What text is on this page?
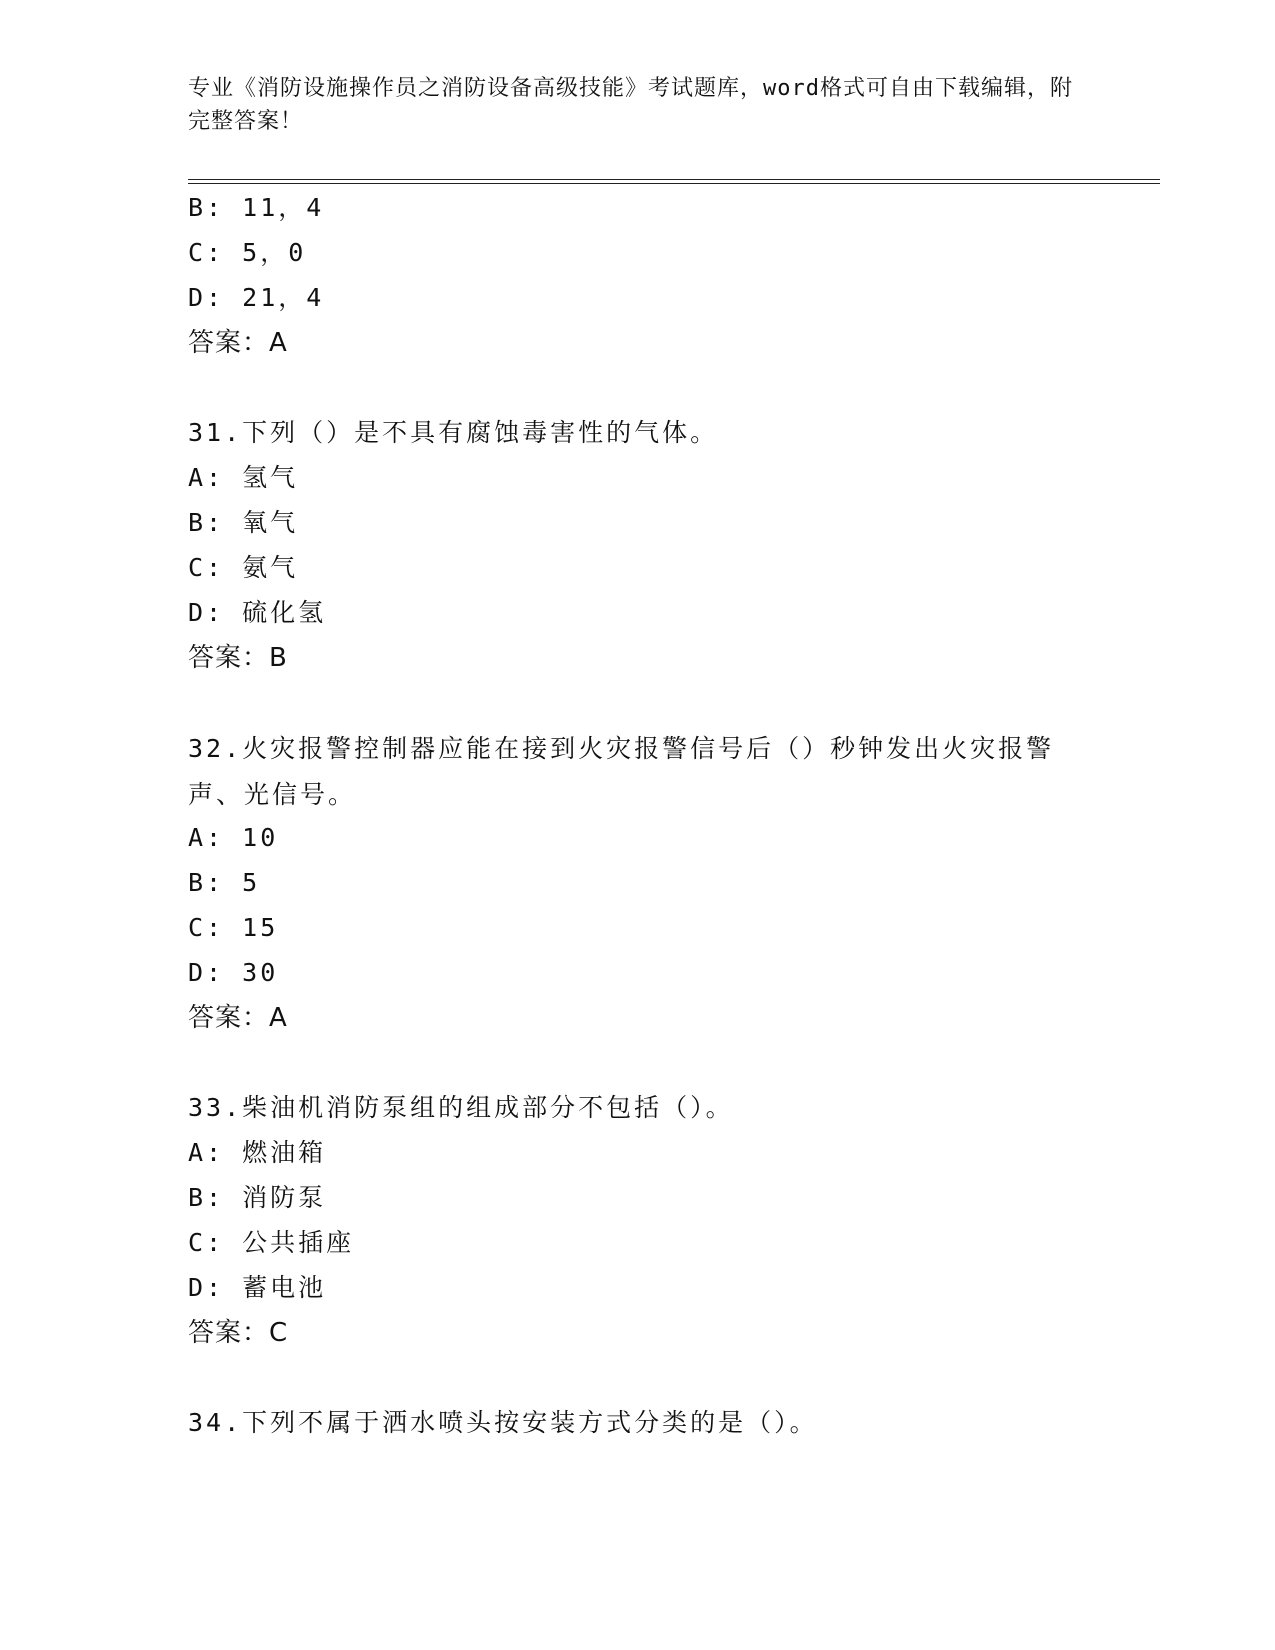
专业《消防设施操作员之消防设备高级技能》考试题库，word格式可自由下载编辑，附完整答案！
B: 11，4
C: 5，0
D: 21，4
答案：A
31.下列（）是不具有腐蚀毒害性的气体。
A: 氢气
B: 氧气
C: 氨气
D: 硫化氢
答案：B
32.火灾报警控制器应能在接到火灾报警信号后（）秒钟发出火灾报警声、光信号。
A: 10
B: 5
C: 15
D: 30
答案：A
33.柴油机消防泵组的组成部分不包括（）。
A: 燃油箱
B: 消防泵
C: 公共插座
D: 蓄电池
答案：C
34.下列不属于洒水喷头按安装方式分类的是（）。
